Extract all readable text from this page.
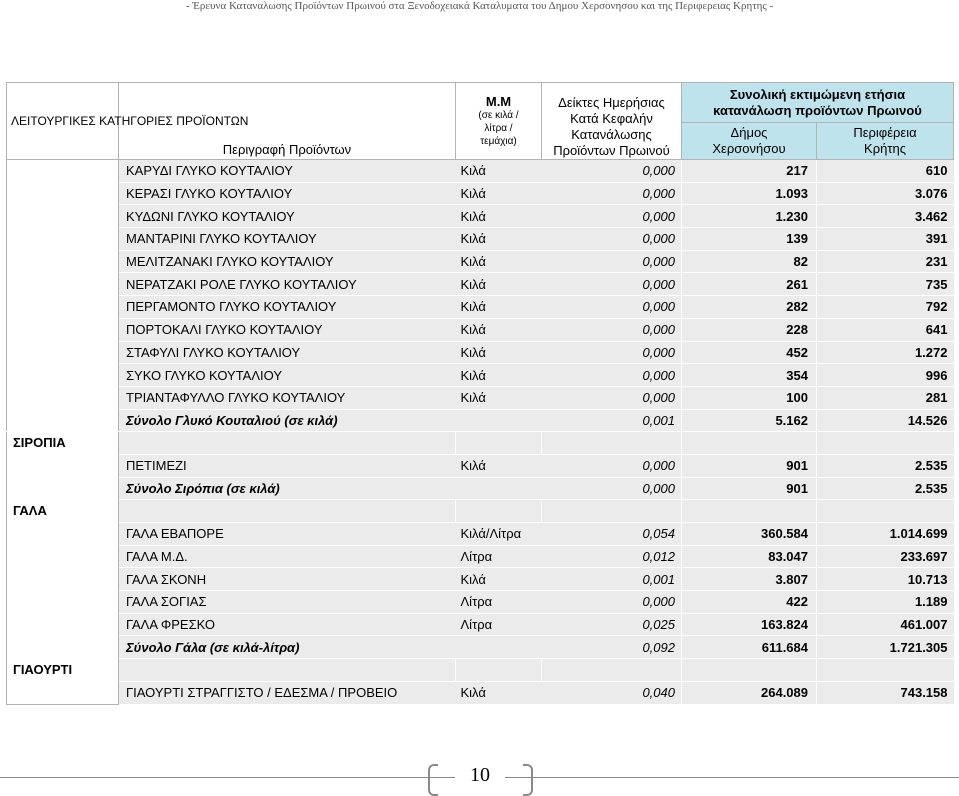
- Έρευνα Καταναλωσης Προϊόντων Πρωινού στα Ξενοδοχειακά Καταλυματα του Δημου Χερσονησου και της Περιφερειας Κρητης -
ΛΕΙΤΟΥΡΓΙΚΕΣ ΚΑΤΗΓΟΡΙΕΣ ΠΡΟΪΟΝΤΩΝ	Περιγραφή Προϊόντων	Μ.Μ
(σε κιλά /λίτρα /τεμάχια)	Δείκτες Ημερήσιας Κατά Κεφαλήν Κατανάλωσης Προϊόντων Πρωινού	Συνολική εκτιμώμενη ετήσια κατανάλωση προϊόντων Πρωινού	

				Δήμος Χερσονήσου	Περιφέρεια Κρήτης

	ΚΑΡΥΔΙ ΓΛΥΚΟ ΚΟΥΤΑΛΙΟΥ	Κιλά	0,000	217	610
	ΚΕΡΑΣΙ ΓΛΥΚΟ ΚΟΥΤΑΛΙΟΥ	Κιλά	0,000	1.093	3.076
	ΚΥΔΩΝΙ ΓΛΥΚΟ ΚΟΥΤΑΛΙΟΥ	Κιλά	0,000	1.230	3.462
	ΜΑΝΤΑΡΙΝΙ ΓΛΥΚΟ ΚΟΥΤΑΛΙΟΥ	Κιλά	0,000	139	391
	ΜΕΛΙΤΖΑΝΑΚΙ ΓΛΥΚΟ ΚΟΥΤΑΛΙΟΥ	Κιλά	0,000	82	231
	ΝΕΡΑΤΖΑΚΙ ΡΟΛΕ ΓΛΥΚΟ ΚΟΥΤΑΛΙΟΥ	Κιλά	0,000	261	735
	ΠΕΡΓΑΜΟΝΤΟ ΓΛΥΚΟ ΚΟΥΤΑΛΙΟΥ	Κιλά	0,000	282	792
	ΠΟΡΤΟΚΑΛΙ ΓΛΥΚΟ ΚΟΥΤΑΛΙΟΥ	Κιλά	0,000	228	641
	ΣΤΑΦΥΛΙ ΓΛΥΚΟ ΚΟΥΤΑΛΙΟΥ	Κιλά	0,000	452	1.272
	ΣΥΚΟ ΓΛΥΚΟ ΚΟΥΤΑΛΙΟΥ	Κιλά	0,000	354	996
	ΤΡΙΑΝΤΑΦΥΛΛΟ ΓΛΥΚΟ ΚΟΥΤΑΛΙΟΥ	Κιλά	0,000	100	281
	Σύνολο Γλυκό Κουταλιού (σε κιλά)		0,001	5.162	14.526
ΣΙΡΟΠΙΑ					
	ΠΕΤΙΜΕΖΙ	Κιλά	0,000	901	2.535
	Σύνολο Σιρόπια (σε κιλά)		0,000	901	2.535
ΓΑΛΑ					
	ΓΑΛΑ ΕΒΑΠΟΡΕ	Κιλά/Λίτρα	0,054	360.584	1.014.699
	ΓΑΛΑ Μ.Δ.	Λίτρα	0,012	83.047	233.697
	ΓΑΛΑ ΣΚΟΝΗ	Κιλά	0,001	3.807	10.713
	ΓΑΛΑ ΣΟΓΙΑΣ	Λίτρα	0,000	422	1.189
	ΓΑΛΑ ΦΡΕΣΚΟ	Λίτρα	0,025	163.824	461.007
	Σύνολο Γάλα (σε κιλά-λίτρα)		0,092	611.684	1.721.305
ΓΙΑΟΥΡΤΙ					
	ΓΙΑΟΥΡΤΙ ΣΤΡΑΓΓΙΣΤΟ / ΕΔΕΣΜΑ / ΠΡΟΒΕΙΟ	Κιλά	0,040	264.089	743.158
10
